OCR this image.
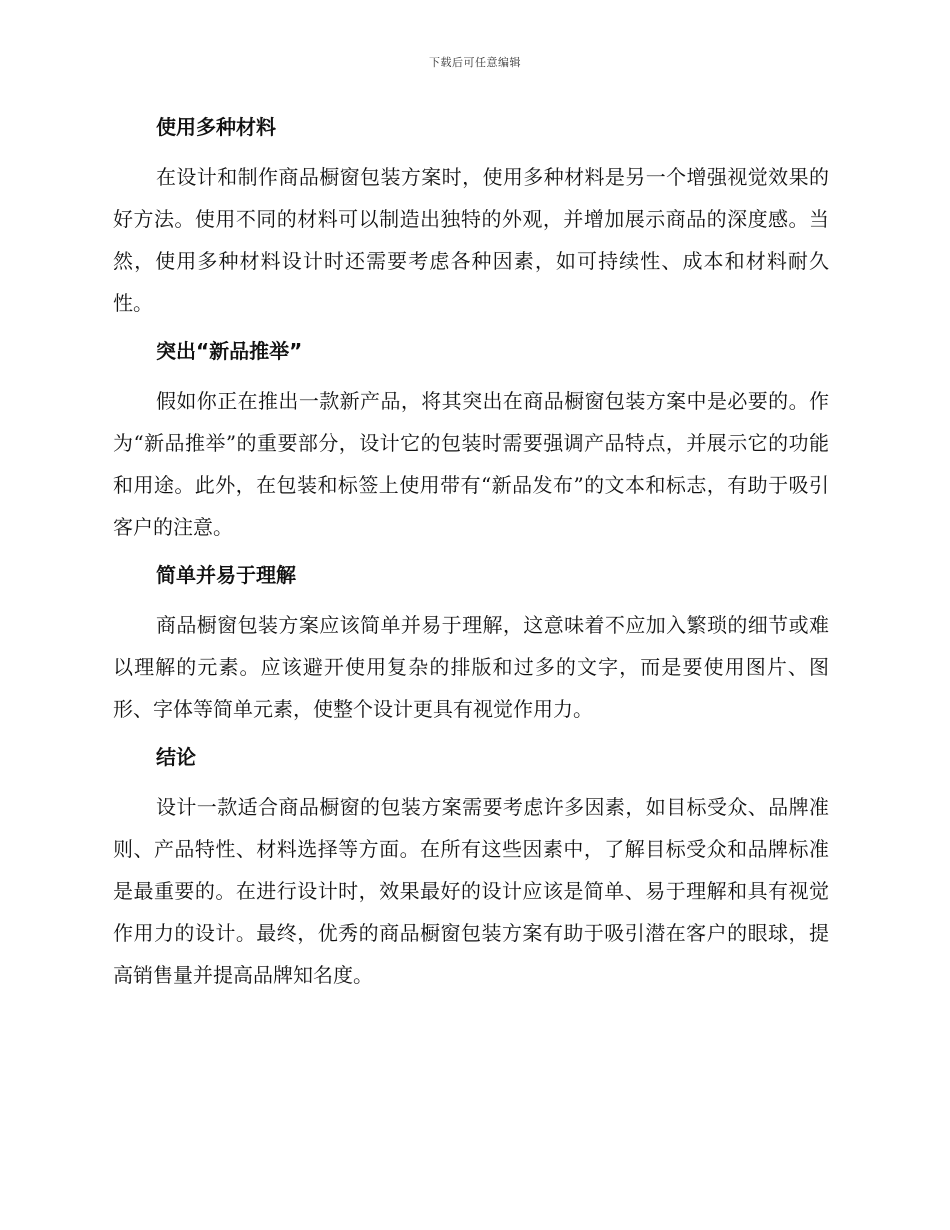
下载后可任意编辑
使用多种材料

在设计和制作商品橱窗包装方案时，使用多种材料是另一个增强视觉效果的好方法。使用不同的材料可以制造出独特的外观，并增加展示商品的深度感。当然，使用多种材料设计时还需要考虑各种因素，如可持续性、成本和材料耐久性。

突出“新品推举”

假如你正在推出一款新产品，将其突出在商品橱窗包装方案中是必要的。作为“新品推举”的重要部分，设计它的包装时需要强调产品特点，并展示它的功能和用途。此外，在包装和标签上使用带有“新品发布”的文本和标志，有助于吸引客户的注意。

简单并易于理解

商品橱窗包装方案应该简单并易于理解，这意味着不应加入繁琐的细节或难以理解的元素。应该避开使用复杂的排版和过多的文字，而是要使用图片、图形、字体等简单元素，使整个设计更具有视觉作用力。

结论

设计一款适合商品橱窗的包装方案需要考虑许多因素，如目标受众、品牌准则、产品特性、材料选择等方面。在所有这些因素中，了解目标受众和品牌标准是最重要的。在进行设计时，效果最好的设计应该是简单、易于理解和具有视觉作用力的设计。最终，优秀的商品橱窗包装方案有助于吸引潜在客户的眼球，提高销售量并提高品牌知名度。
